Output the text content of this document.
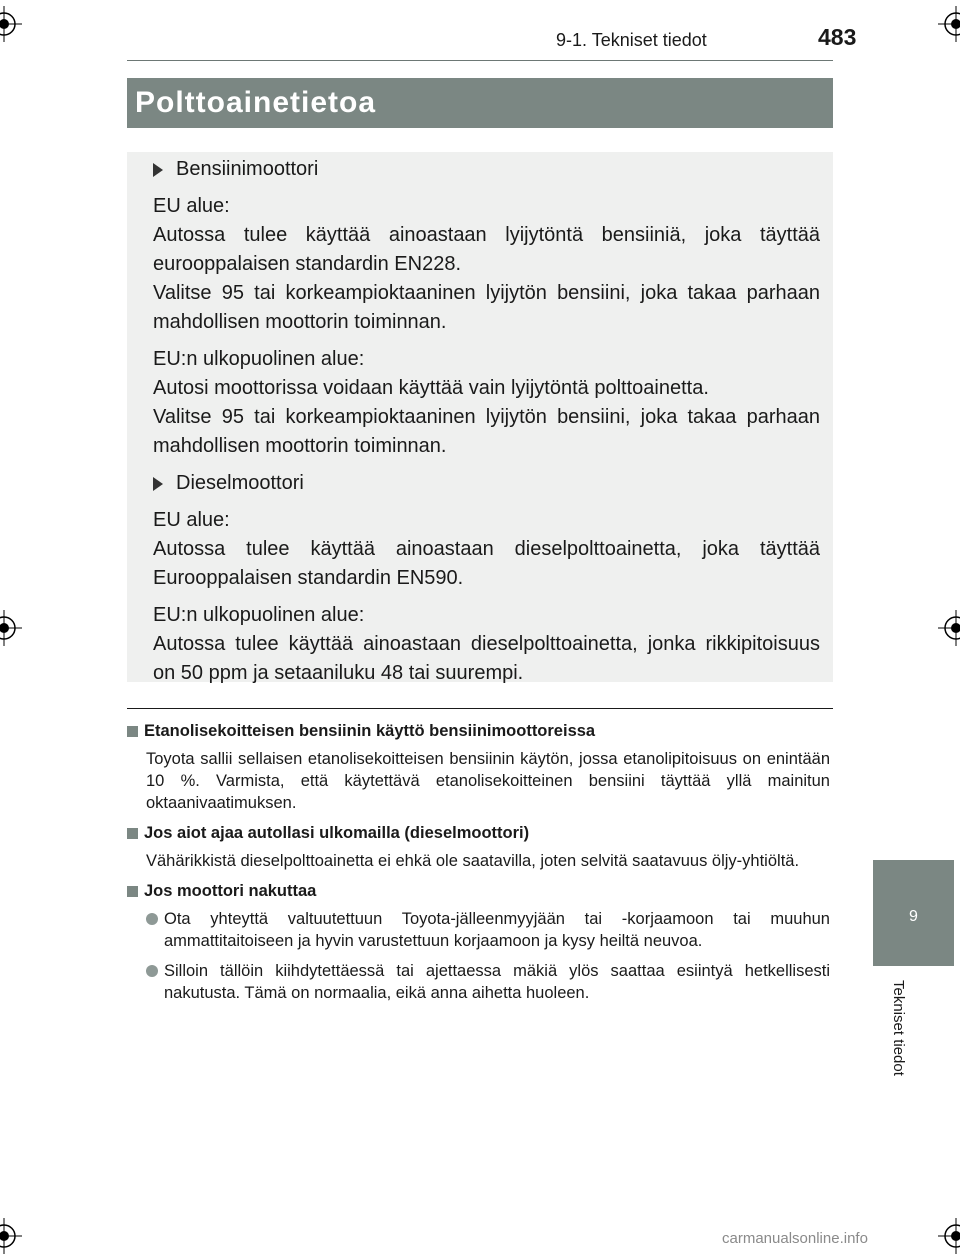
9-1. Tekniset tiedot	483
Polttoainetietoa
Bensiinimoottori
EU alue:
Autossa tulee käyttää ainoastaan lyijytöntä bensiiniä, joka täyttää eurooppalaisen standardin EN228.
Valitse 95 tai korkeampioktaaninen lyijytön bensiini, joka takaa parhaan mahdollisen moottorin toiminnan.
EU:n ulkopuolinen alue:
Autosi moottorissa voidaan käyttää vain lyijytöntä polttoainetta.
Valitse 95 tai korkeampioktaaninen lyijytön bensiini, joka takaa parhaan mahdollisen moottorin toiminnan.
Dieselmoottori
EU alue:
Autossa tulee käyttää ainoastaan dieselpolttoainetta, joka täyttää Eurooppalaisen standardin EN590.
EU:n ulkopuolinen alue:
Autossa tulee käyttää ainoastaan dieselpolttoainetta, jonka rikkipitoisuus on 50 ppm ja setaaniluku 48 tai suurempi.
Etanolisekoitteisen bensiinin käyttö bensiinimoottoreissa
Toyota sallii sellaisen etanolisekoitteisen bensiinin käytön, jossa etanolipitoisuus on enintään 10 %. Varmista, että käytettävä etanolisekoitteinen bensiini täyttää yllä mainitun oktaanivaatimuksen.
Jos aiot ajaa autollasi ulkomailla (dieselmoottori)
Vähärikkistä dieselpolttoainetta ei ehkä ole saatavilla, joten selvitä saatavuus öljy-yhtiöltä.
Jos moottori nakuttaa
Ota yhteyttä valtuutettuun Toyota-jälleenmyyjään tai -korjaamoon tai muuhun ammattitaitoiseen ja hyvin varustettuun korjaamoon ja kysy heiltä neuvoa.
Silloin tällöin kiihdytettäessä tai ajettaessa mäkiä ylös saattaa esiintyä hetkellisesti nakutusta. Tämä on normaalia, eikä anna aihetta huoleen.
9
Tekniset tiedot
carmanualsonline.info
